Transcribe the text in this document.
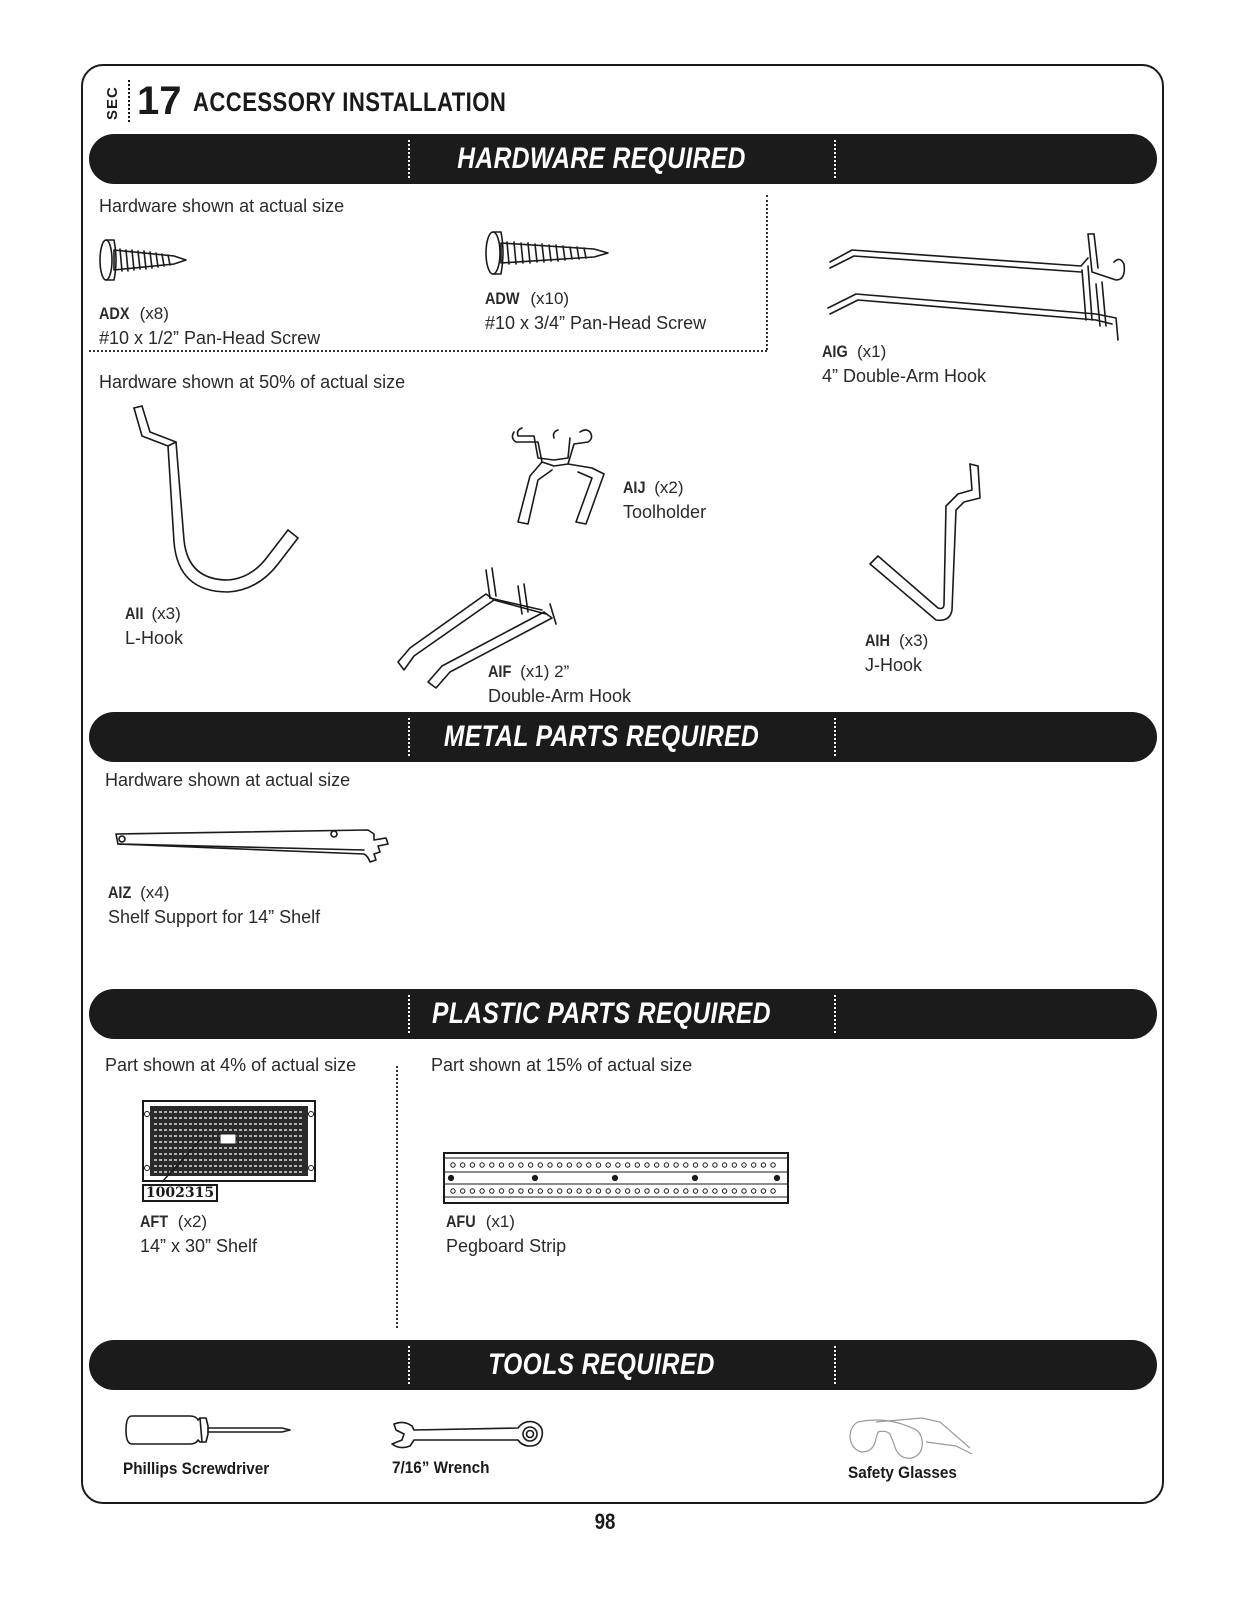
SEC 17 ACCESSORY INSTALLATION
HARDWARE REQUIRED
Hardware shown at actual size
ADX (x8)
#10 x 1/2” Pan-Head Screw
ADW (x10)
#10 x 3/4” Pan-Head Screw
AIG (x1)
4” Double-Arm Hook
Hardware shown at 50% of actual size
AII (x3)
L-Hook
AIJ (x2)
Toolholder
AIF (x1) 2”
Double-Arm Hook
AIH (x3)
J-Hook
METAL PARTS REQUIRED
Hardware shown at actual size
AIZ (x4)
Shelf Support for 14” Shelf
PLASTIC PARTS REQUIRED
Part shown at 4% of actual size	Part shown at 15% of actual size
1002315
AFT (x2)
14” x 30” Shelf
AFU (x1)
Pegboard Strip
TOOLS REQUIRED
Phillips Screwdriver	7/16” Wrench	Safety Glasses
98
